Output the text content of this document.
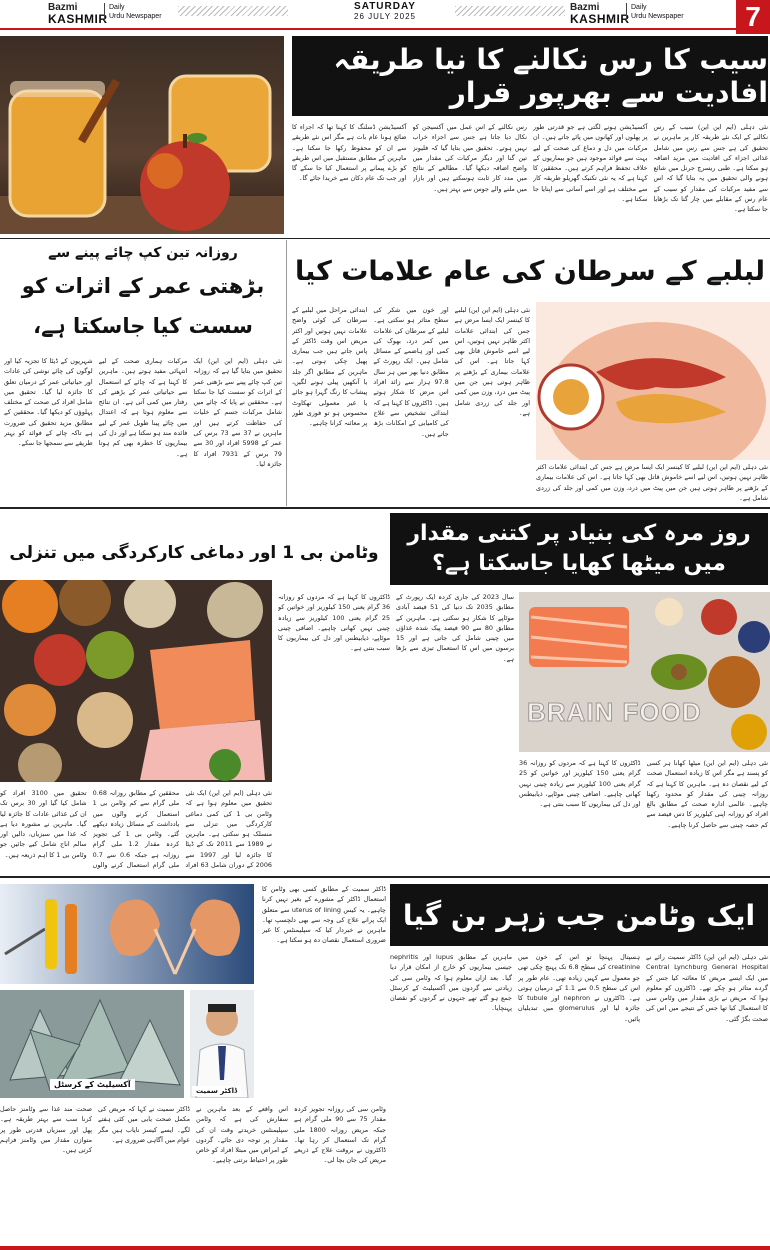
Bazmi
KASHMIR
Daily
Urdu Newspaper
SATURDAY
26 JULY 2025
Bazmi
KASHMIR
Daily
Urdu Newspaper	7
سیب کا رس نکالنے کا نیا طریقہ افادیت سے بھرپور قرار
نئی دہلی (ایم این این) سیب کے رس نکالنے کے ایک نئے طریقہ کار پر ماہرین نے تحقیق کی ہے جس سے رس میں شامل غذائی اجزاء کی افادیت میں مزید اضافہ ہو سکتا ہے۔ طبی ریسرچ جرنل میں شائع ہونے والی تحقیق میں یہ بتایا گیا کہ اس سے مفید مرکبات کی مقدار کو سیب کے عام رس کے مقابلے میں چار گنا تک بڑھایا جا سکتا ہے۔
آکسیڈیشن ہونے لگتی ہے جو قدرتی طور پر پھلوں اور کھانوں میں پائے جاتے ہیں۔ ان مرکبات میں دل و دماغ کی صحت کے لیے بہت سے فوائد موجود ہیں جو بیماریوں کے خلاف تحفظ فراہم کرتے ہیں۔ محققین کا کہنا ہے کہ یہ نئی تکنیک گھریلو طریقہ کار سے مختلف ہے اور اسے آسانی سے اپنایا جا سکتا ہے۔
رس نکالنے کے اس عمل میں آکسیجن کو نکال دیا جاتا ہے جس سے اجزاء خراب نہیں ہوتے۔ تحقیق میں بتایا گیا کہ فلیونز تین گنا اور دیگر مرکبات کی مقدار میں واضح اضافہ دیکھا گیا۔ مطالعے کے نتائج میں مدد کار ثابت ہوسکتے ہیں اور بازار میں ملنے والے جوس سے بہتر ہیں۔
آکسیڈیشن ڈسلنگ کا کہنا تھا کہ اجزاء کا ضائع ہونا عام بات ہے مگر اس نئے طریقے سے ان کو محفوظ رکھا جا سکتا ہے۔ ماہرین کے مطابق مستقبل میں اس طریقے کو بڑے پیمانے پر استعمال کیا جا سکے گا اور جب تک عام دکان سے خریدا جائے گا۔
لبلبے کے سرطان کی عام علامات کیا
نئی دہلی (ایم این این) لبلبے کا کینسر ایک ایسا مرض ہے جس کی ابتدائی علامات اکثر ظاہر نہیں ہوتیں، اس لیے اسے خاموش قاتل بھی کہا جاتا ہے۔ اس کی علامات بیماری کے بڑھنے پر ظاہر ہوتی ہیں جن میں پیٹ میں درد، وزن میں کمی اور جلد کی زردی شامل ہے۔
اور خون میں شکر کی سطح متاثر ہو سکتی ہے۔ لبلبے کے سرطان کی علامات میں کمر درد، بھوک کی کمی اور ہاضمے کے مسائل شامل ہیں۔ ایک رپورٹ کے مطابق دنیا بھر میں ہر سال 97.8 ہزار سے زائد افراد اس مرض کا شکار ہوتے ہیں۔ ڈاکٹروں کا کہنا ہے کہ ابتدائی تشخیص سے علاج کی کامیابی کے امکانات بڑھ جاتے ہیں۔
ابتدائی مراحل میں لبلبے کے سرطان کی کوئی واضح علامات نہیں ہوتیں اور اکثر مریض اس وقت ڈاکٹر کے پاس جاتے ہیں جب بیماری پھیل چکی ہوتی ہے۔ ماہرین کے مطابق اگر جلد یا آنکھیں پیلی ہونے لگیں، پیشاب کا رنگ گہرا ہو جائے یا غیر معمولی تھکاوٹ محسوس ہو تو فوری طور پر معائنہ کرانا چاہیے۔
نئی دہلی (ایم این این) لبلبے کا کینسر ایک ایسا مرض ہے جس کی ابتدائی علامات اکثر ظاہر نہیں ہوتیں، اس لیے اسے خاموش قاتل بھی کہا جاتا ہے۔ اس کی علامات بیماری کے بڑھنے پر ظاہر ہوتی ہیں جن میں پیٹ میں درد، وزن میں کمی اور جلد کی زردی شامل ہے۔
روزانہ تین کپ چائے پینے سے
بڑھتی عمر کے اثرات کو سست کیا جاسکتا ہے،
نئی دہلی (ایم این این) ایک تحقیق میں بتایا گیا ہے کہ روزانہ تین کپ چائے پینے سے بڑھتی عمر کے اثرات کو سست کیا جا سکتا ہے۔ محققین نے پایا کہ چائے میں شامل مرکبات جسم کے خلیات کی حفاظت کرتے ہیں اور ماہرین نے 37 سے 73 برس کی عمر کے 5998 افراد اور 30 سے 79 برس کے 7931 افراد کا جائزہ لیا۔
مرکبات ہماری صحت کے لیے انتہائی مفید ہوتے ہیں۔ ماہرین کا کہنا ہے کہ چائے کے استعمال سے حیاتیاتی عمر کے بڑھنے کی رفتار میں کمی آتی ہے۔ ان نتائج سے معلوم ہوتا ہے کہ اعتدال میں چائے پینا طویل عمر کے لیے فائدہ مند ہو سکتا ہے اور دل کی بیماریوں کا خطرہ بھی کم ہوتا ہے۔
شہریوں کے ڈیٹا کا تجزیہ کیا اور لوگوں کی چائے نوشی کی عادات اور حیاتیاتی عمر کے درمیان تعلق کا جائزہ لیا گیا۔ تحقیق میں شامل افراد کی صحت کے مختلف پہلوؤں کو دیکھا گیا۔ محققین کے مطابق مزید تحقیق کی ضرورت ہے تاکہ چائے کے فوائد کو بہتر طریقے سے سمجھا جا سکے۔
روز مرہ کی بنیاد پر کتنی مقدار میں میٹھا کھایا جاسکتا ہے؟
BRAIN FOOD
سال 2023 کی جاری کردہ ایک رپورٹ کے مطابق 2035 تک دنیا کی 51 فیصد آبادی موٹاپے کا شکار ہو سکتی ہے۔ ماہرین کے مطابق 80 سے 90 فیصد پیک شدہ غذاؤں میں چینی شامل کی جاتی ہے اور 15 برسوں میں اس کا استعمال تیزی سے بڑھا ہے۔
ڈاکٹروں کا کہنا ہے کہ مردوں کو روزانہ 36 گرام یعنی 150 کیلوریز اور خواتین کو 25 گرام یعنی 100 کیلوریز سے زیادہ چینی نہیں کھانی چاہیے۔ اضافی چینی موٹاپے، ذیابیطس اور دل کی بیماریوں کا سبب بنتی ہے۔
نئی دہلی (ایم این این) میٹھا کھانا ہر کسی کو پسند ہے مگر اس کا زیادہ استعمال صحت کے لیے نقصان دہ ہے۔ ماہرین کا کہنا ہے کہ روزانہ چینی کی مقدار کو محدود رکھنا چاہیے۔ عالمی ادارہ صحت کے مطابق بالغ افراد کو روزانہ اپنی کیلوریز کا دس فیصد سے کم حصہ چینی سے حاصل کرنا چاہیے۔
ڈاکٹروں کا کہنا ہے کہ مردوں کو روزانہ 36 گرام یعنی 150 کیلوریز اور خواتین کو 25 گرام یعنی 100 کیلوریز سے زیادہ چینی نہیں کھانی چاہیے۔ اضافی چینی موٹاپے، ذیابیطس اور دل کی بیماریوں کا سبب بنتی ہے۔
وٹامن بی 1 اور دماغی کارکردگی میں تنزلی
نئی دہلی (ایم این این) ایک نئی تحقیق میں معلوم ہوا ہے کہ وٹامن بی 1 کی کمی دماغی کارکردگی میں تنزلی سے منسلک ہو سکتی ہے۔ ماہرین نے 1989 سے 2011 تک کے ڈیٹا کا جائزہ لیا اور 1997 سے 2006 کے دوران شامل 63 افراد
محققین کے مطابق روزانہ 0.68 ملی گرام سے کم وٹامن بی 1 استعمال کرنے والوں میں یادداشت کے مسائل زیادہ دیکھے گئے۔ وٹامن بی 1 کی تجویز کردہ مقدار 1.2 ملی گرام روزانہ ہے جبکہ 0.6 سے 0.7 ملی گرام استعمال کرنے والوں
تحقیق میں 3100 افراد کو شامل کیا گیا اور 30 برس تک ان کی غذائی عادات کا جائزہ لیا گیا۔ ماہرین نے مشورہ دیا ہے کہ غذا میں سبزیاں، دالیں اور سالم اناج شامل کیے جائیں جو وٹامن بی 1 کا اہم ذریعہ ہیں۔
ایک وٹامن جب زہر بن گیا
آکسیلیٹ کے کرسٹل
ڈاکٹر سمیت
ڈاکٹر سمیت کے مطابق کسی بھی وٹامن کا استعمال ڈاکٹر کے مشورے کے بغیر نہیں کرنا چاہیے۔ یہ کیس uterus of lining سے متعلق ایک پرانے علاج کی وجہ سے بھی دلچسپ تھا۔ ماہرین نے خبردار کیا کہ سپلیمنٹس کا غیر ضروری استعمال نقصان دہ ہو سکتا ہے۔
نئی دہلی (ایم این این) ڈاکٹر سمیت رائے نے Central Lynchburg General Hospital میں ایک ایسے مریض کا معائنہ کیا جس کے گردے متاثر ہو چکے تھے۔ ڈاکٹروں کو معلوم ہوا کہ مریض نے بڑی مقدار میں وٹامن سی کا استعمال کیا تھا جس کے نتیجے میں اس کی صحت بگڑ گئی۔
ہسپتال پہنچا تو اس کے خون میں creatinine کی سطح 6.8 تک پہنچ چکی تھی جو معمول سے کہیں زیادہ تھی۔ عام طور پر اس کی سطح 0.5 سے 1.1 کے درمیان ہوتی ہے۔ ڈاکٹروں نے nephron اور tubule کا جائزہ لیا اور glomerulus میں تبدیلیاں پائیں۔
ماہرین کے مطابق lupus اور nephritis جیسی بیماریوں کو خارج از امکان قرار دیا گیا۔ بعد ازاں معلوم ہوا کہ وٹامن سی کی زیادتی سے گردوں میں آکسیلیٹ کے کرسٹل جمع ہو گئے تھے جنہوں نے گردوں کو نقصان پہنچایا۔
وٹامن سی کی روزانہ تجویز کردہ مقدار 75 سے 90 ملی گرام ہے جبکہ مریض روزانہ 1800 ملی گرام تک استعمال کر رہا تھا۔ ڈاکٹروں نے بروقت علاج کے ذریعے مریض کی جان بچا لی۔
اس واقعے کے بعد ماہرین نے سفارش کی ہے کہ وٹامن سپلیمنٹس خریدتے وقت ان کی مقدار پر توجہ دی جائے۔ گردوں کے امراض میں مبتلا افراد کو خاص طور پر احتیاط برتنی چاہیے۔
ڈاکٹر سمیت نے کہا کہ مریض کی مکمل صحت یابی میں کئی ہفتے لگے۔ ایسے کیسز نایاب ہیں مگر عوام میں آگاہی ضروری ہے۔
صحت مند غذا سے وٹامنز حاصل کرنا سب سے بہتر طریقہ ہے۔ پھل اور سبزیاں قدرتی طور پر متوازن مقدار میں وٹامنز فراہم کرتی ہیں۔
